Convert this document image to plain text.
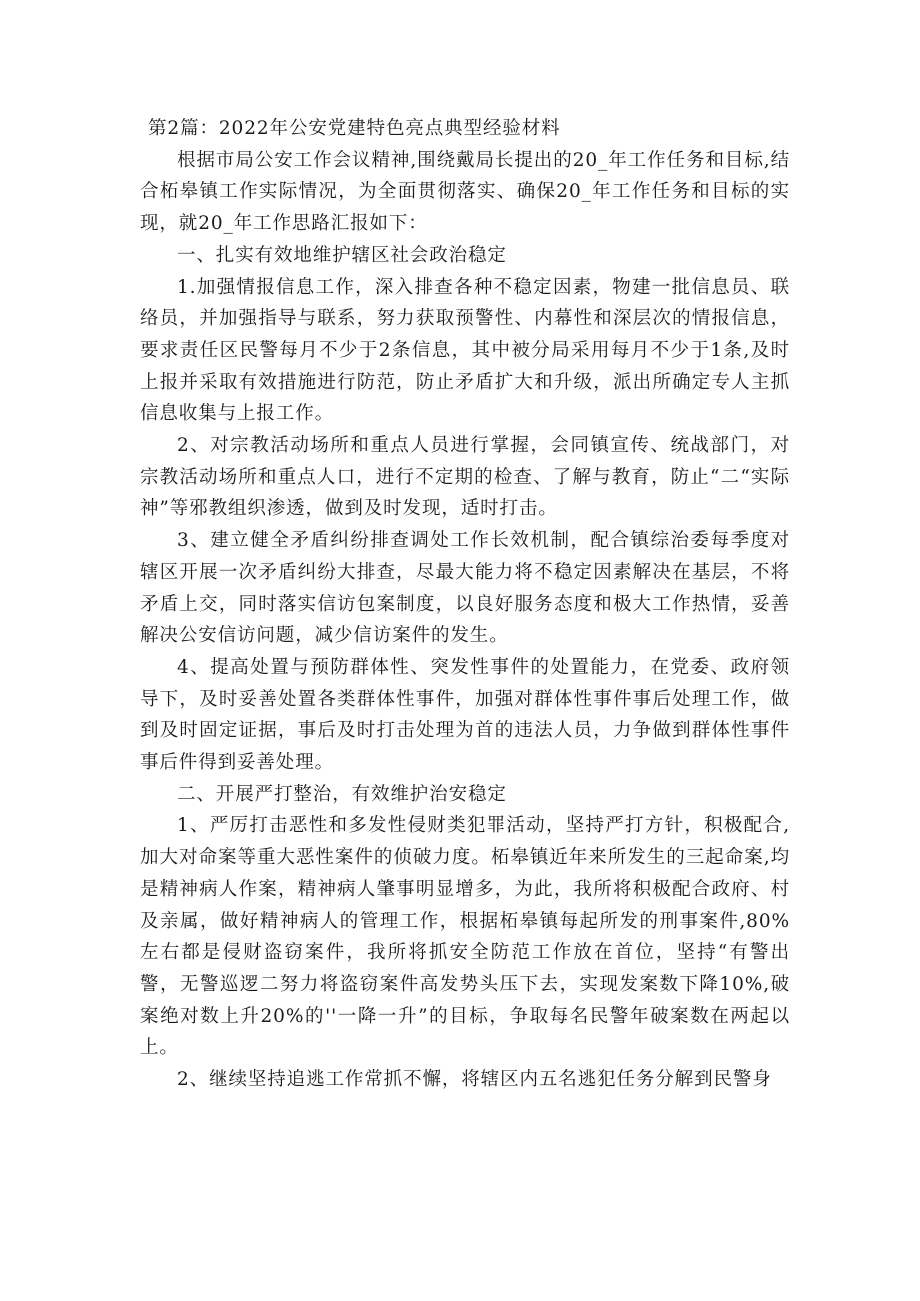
第2篇：2022年公安党建特色亮点典型经验材料

根据市局公安工作会议精神,围绕戴局长提出的20_年工作任务和目标,结合柘皋镇工作实际情况，为全面贯彻落实、确保20_年工作任务和目标的实现，就20_年工作思路汇报如下：

一、扎实有效地维护辖区社会政治稳定

1.加强情报信息工作，深入排查各种不稳定因素，物建一批信息员、联络员，并加强指导与联系，努力获取预警性、内幕性和深层次的情报信息，要求责任区民警每月不少于2条信息，其中被分局采用每月不少于1条,及时上报并采取有效措施进行防范，防止矛盾扩大和升级，派出所确定专人主抓信息收集与上报工作。

2、对宗教活动场所和重点人员进行掌握，会同镇宣传、统战部门，对宗教活动场所和重点人口，进行不定期的检查、了解与教育，防止“二“实际神”等邪教组织渗透，做到及时发现，适时打击。

3、建立健全矛盾纠纷排查调处工作长效机制，配合镇综治委每季度对辖区开展一次矛盾纠纷大排查，尽最大能力将不稳定因素解决在基层，不将矛盾上交，同时落实信访包案制度，以良好服务态度和极大工作热情，妥善解决公安信访问题，减少信访案件的发生。

4、提高处置与预防群体性、突发性事件的处置能力，在党委、政府领导下，及时妥善处置各类群体性事件，加强对群体性事件事后处理工作，做到及时固定证据，事后及时打击处理为首的违法人员，力争做到群体性事件事后件得到妥善处理。

二、开展严打整治，有效维护治安稳定

1、严厉打击恶性和多发性侵财类犯罪活动，坚持严打方针，积极配合,加大对命案等重大恶性案件的侦破力度。柘皋镇近年来所发生的三起命案,均是精神病人作案，精神病人肇事明显增多，为此，我所将积极配合政府、村及亲属，做好精神病人的管理工作，根据柘皋镇每起所发的刑事案件,80%左右都是侵财盗窃案件，我所将抓安全防范工作放在首位，坚持“有警出警，无警巡逻二努力将盗窃案件高发势头压下去，实现发案数下降10%,破案绝对数上升20%的''一降一升”的目标，争取每名民警年破案数在两起以上。

2、继续坚持追逃工作常抓不懈，将辖区内五名逃犯任务分解到民警身
